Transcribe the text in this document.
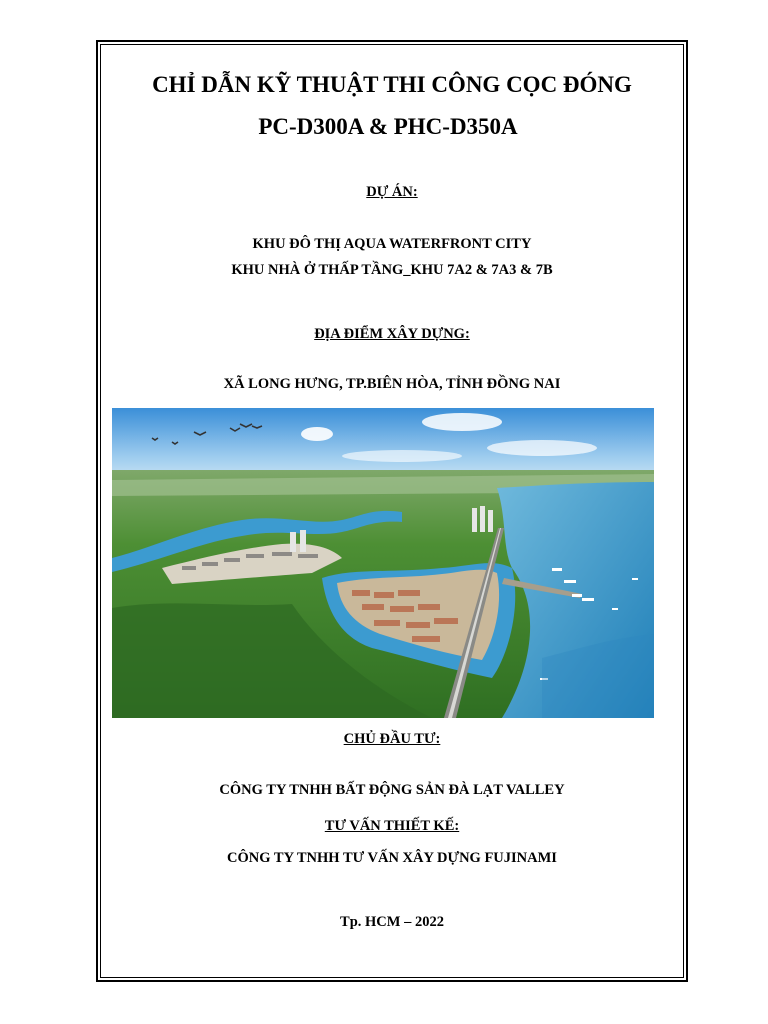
CHỈ DẪN KỸ THUẬT THI CÔNG CỌC ĐÓNG
PC-D300A & PHC-D350A
DỰ ÁN:
KHU ĐÔ THỊ AQUA WATERFRONT CITY
KHU NHÀ Ở THẤP TẦNG_KHU 7A2 & 7A3 & 7B
ĐỊA ĐIỂM XÂY DỰNG:
XÃ LONG HƯNG, TP.BIÊN HÒA, TỈNH ĐỒNG NAI
CHỦ ĐẦU TƯ:
CÔNG TY TNHH BẤT ĐỘNG SẢN ĐÀ LẠT VALLEY
TƯ VẤN THIẾT KẾ:
CÔNG TY TNHH TƯ VẤN XÂY DỰNG FUJINAMI
Tp. HCM – 2022
